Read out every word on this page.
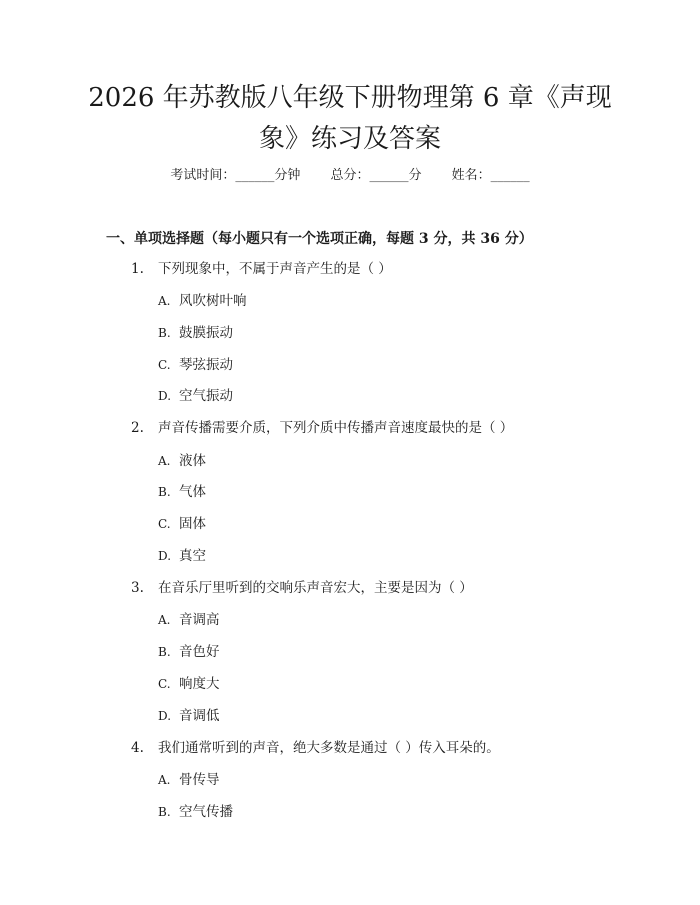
2026 年苏教版八年级下册物理第 6 章《声现象》练习及答案
考试时间：______分钟 总分：______分 姓名：______
一、单项选择题（每小题只有一个选项正确，每题 3 分，共 36 分）
1. 下列现象中，不属于声音产生的是（ ）
A. 风吹树叶响
B. 鼓膜振动
C. 琴弦振动
D. 空气振动
2. 声音传播需要介质，下列介质中传播声音速度最快的是（ ）
A. 液体
B. 气体
C. 固体
D. 真空
3. 在音乐厅里听到的交响乐声音宏大，主要是因为（ ）
A. 音调高
B. 音色好
C. 响度大
D. 音调低
4. 我们通常听到的声音，绝大多数是通过（ ）传入耳朵的。
A. 骨传导
B. 空气传播
